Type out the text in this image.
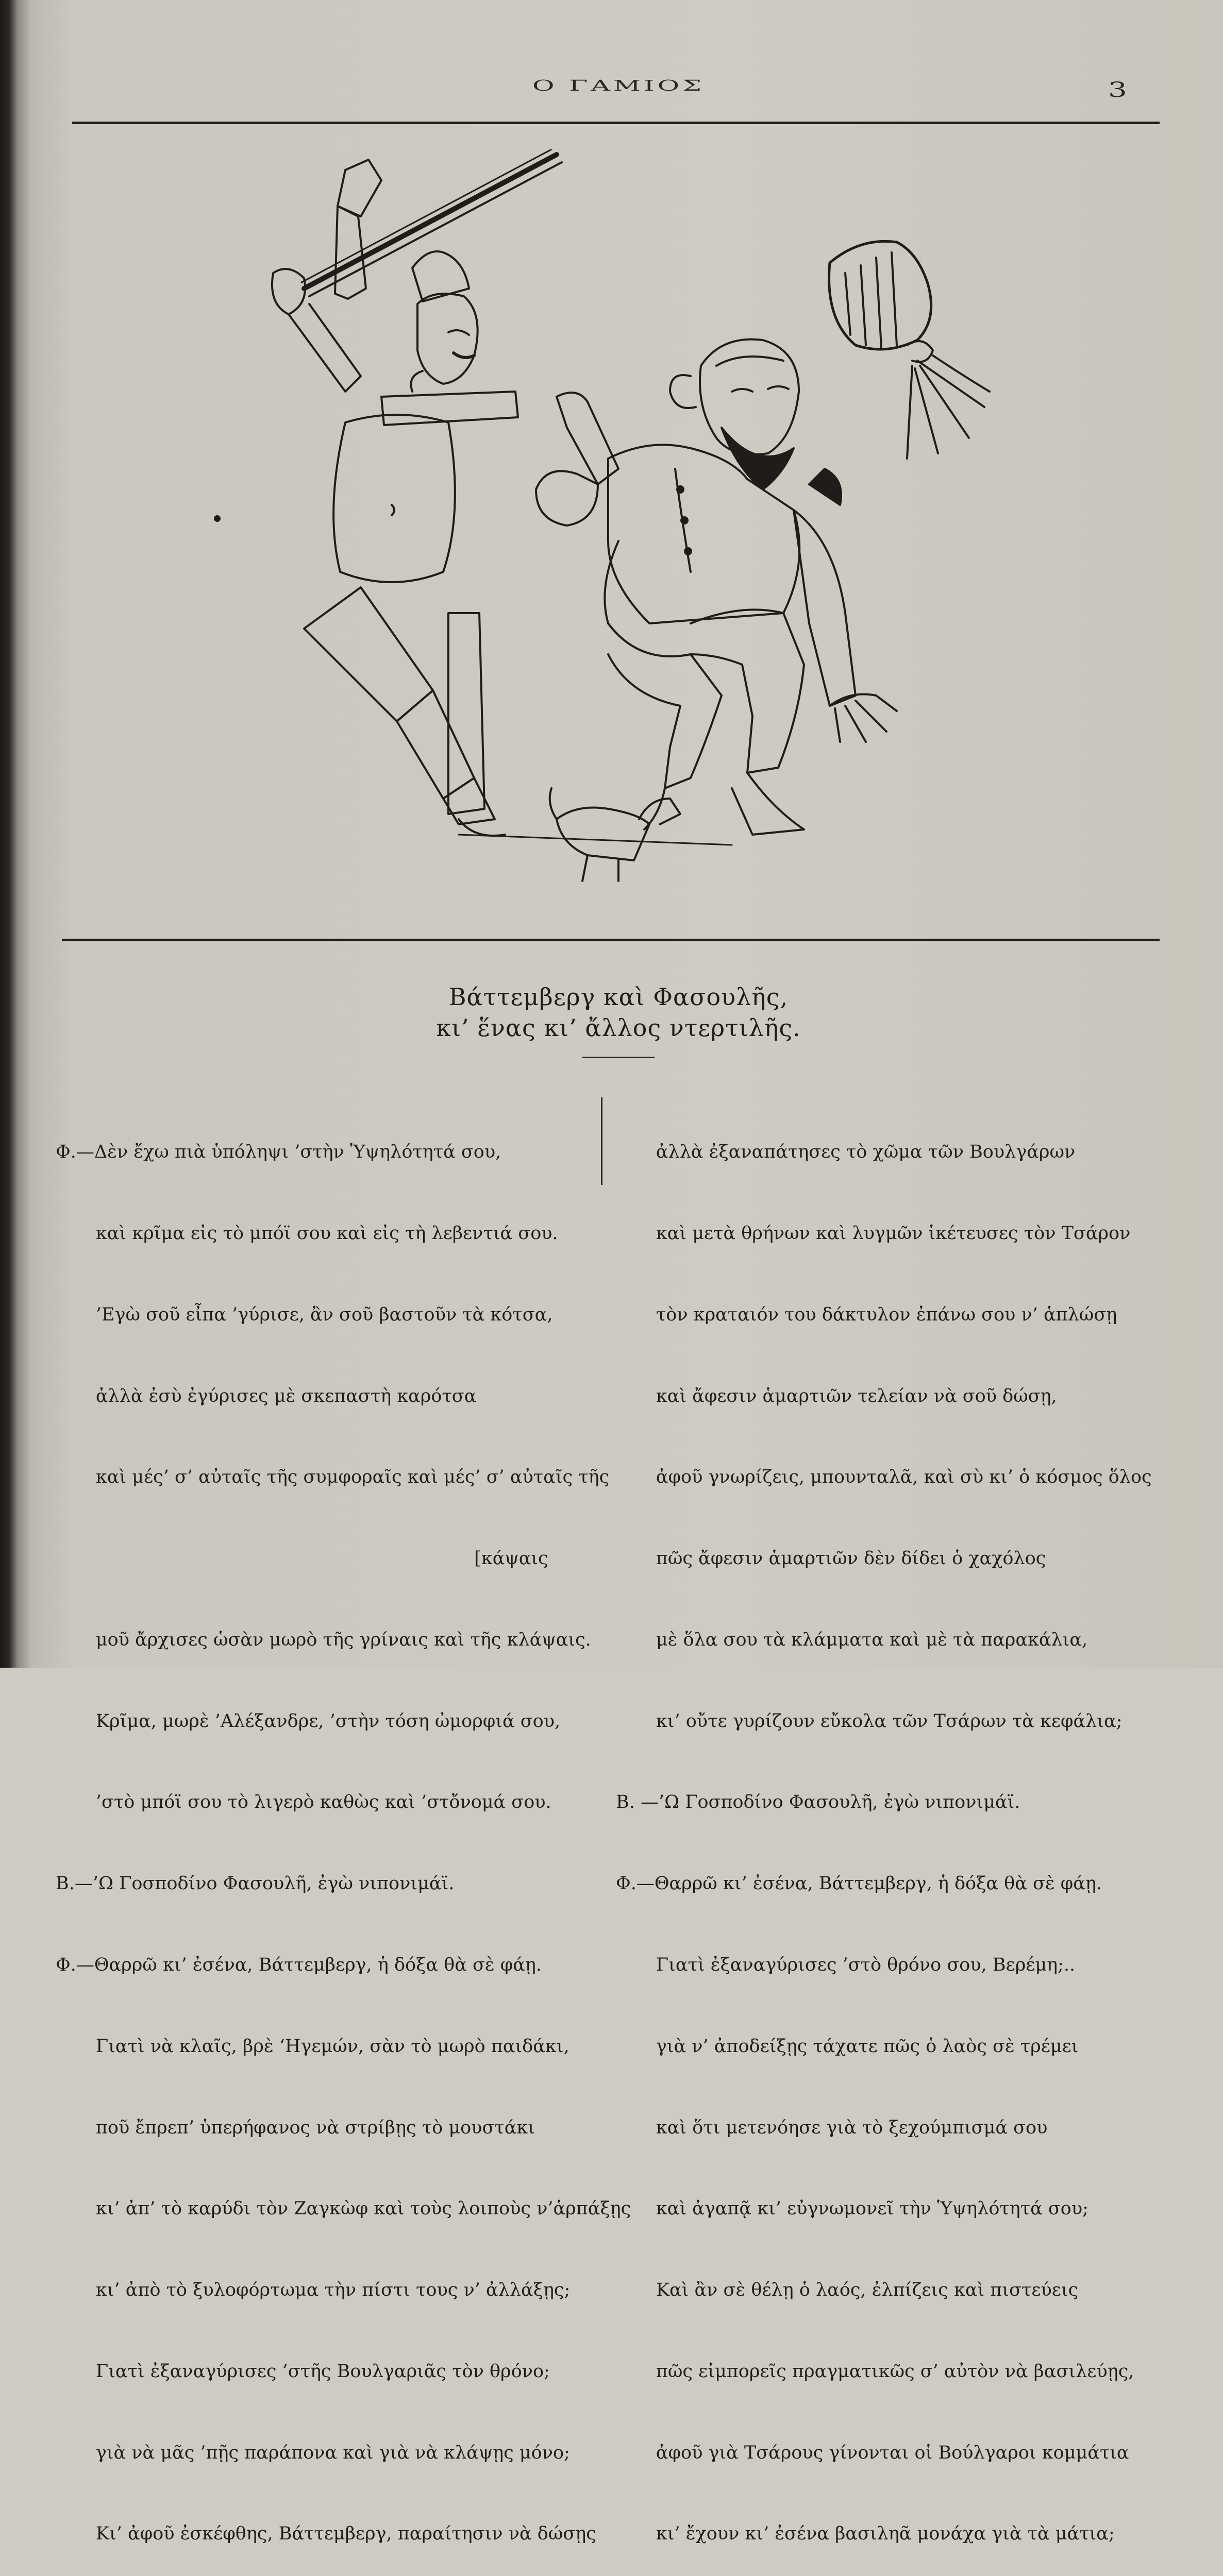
Ο ΓΑΜΙΟΣ	3
Βάττεμβεργ καὶ Φασουλῆς,
κι’ ἕνας κι’ ἄλλος ντερτιλῆς.

Φ.—Δὲν ἔχω πιὰ ὑπόληψι ’στὴν Ὑψηλότητά σου,

καὶ κρῖμα εἰς τὸ μπόϊ σου καὶ εἰς τὴ λεβεντιά σου.

’Εγὼ σοῦ εἶπα ’γύρισε, ἂν σοῦ βαστοῦν τὰ κότσα,

ἀλλὰ ἐσὺ ἐγύρισες μὲ σκεπαστὴ καρότσα

καὶ μές’ σ’ αὐταῖς τῆς συμφοραῖς καὶ μές’ σ’ αὐταῖς τῆς

[κάψαις

μοῦ ἄρχισες ὡσὰν μωρὸ τῆς γρίναις καὶ τῆς κλάψαις.

Κρῖμα, μωρὲ ’Αλέξανδρε, ’στὴν τόση ὠμορφιά σου,

’στὸ μπόϊ σου τὸ λιγερὸ καθὼς καὶ ’στὄνομά σου.

Β.—’Ω Γοσποδίνο Φασουλῆ, ἐγὼ νιπονιμάϊ.

Φ.—Θαρρῶ κι’ ἐσένα, Βάττεμβεργ, ἡ δόξα θὰ σὲ φάῃ.

Γιατὶ νὰ κλαῖς, βρὲ ‘Ηγεμών, σὰν τὸ μωρὸ παιδάκι,

ποῦ ἔπρεπ’ ὑπερήφανος νὰ στρίβῃς τὸ μουστάκι

κι’ ἀπ’ τὸ καρύδι τὸν Ζαγκὼφ καὶ τοὺς λοιποὺς ν’ἁρπάξῃς

κι’ ἀπὸ τὸ ξυλοφόρτωμα τὴν πίστι τους ν’ ἀλλάξῃς;

Γιατὶ ἐξαναγύρισες ’στῆς Βουλγαριᾶς τὸν θρόνο;

γιὰ νὰ μᾶς ’πῇς παράπονα καὶ γιὰ νὰ κλάψῃς μόνο;

Κι’ ἀφοῦ ἐσκέφθης, Βάττεμβεργ, παραίτησιν νὰ δώσῃς

ἀλλὰ ἐξαναπάτησες τὸ χῶμα τῶν Βουλγάρων

καὶ μετὰ θρήνων καὶ λυγμῶν ἱκέτευσες τὸν Τσάρον

τὸν κραταιόν του δάκτυλον ἐπάνω σου ν’ ἁπλώσῃ

καὶ ἄφεσιν ἁμαρτιῶν τελείαν νὰ σοῦ δώσῃ,

ἀφοῦ γνωρίζεις, μπουνταλᾶ, καὶ σὺ κι’ ὁ κόσμος ὅλος

πῶς ἄφεσιν ἁμαρτιῶν δὲν δίδει ὁ χαχόλος

μὲ ὅλα σου τὰ κλάμματα καὶ μὲ τὰ παρακάλια,

κι’ οὔτε γυρίζουν εὔκολα τῶν Τσάρων τὰ κεφάλια;

Β. —’Ω Γοσποδίνο Φασουλῆ, ἐγὼ νιπονιμάϊ.

Φ.—Θαρρῶ κι’ ἐσένα, Βάττεμβεργ, ἡ δόξα θὰ σὲ φάῃ.

Γιατὶ ἐξαναγύρισες ’στὸ θρόνο σου, Βερέμη;..

γιὰ ν’ ἀποδείξῃς τάχατε πῶς ὁ λαὸς σὲ τρέμει

καὶ ὅτι μετενόησε γιὰ τὸ ξεχούμπισμά σου

καὶ ἀγαπᾷ κι’ εὐγνωμονεῖ τὴν Ὑψηλότητά σου;

Καὶ ἂν σὲ θέλῃ ὁ λαός, ἐλπίζεις καὶ πιστεύεις

πῶς εἰμπορεῖς πραγματικῶς σ’ αὐτὸν νὰ βασιλεύῃς,

ἀφοῦ γιὰ Τσάρους γίνονται οἱ Βούλγαροι κομμάτια

κι’ ἔχουν κι’ ἐσένα βασιληᾶ μονάχα γιὰ τὰ μάτια;
